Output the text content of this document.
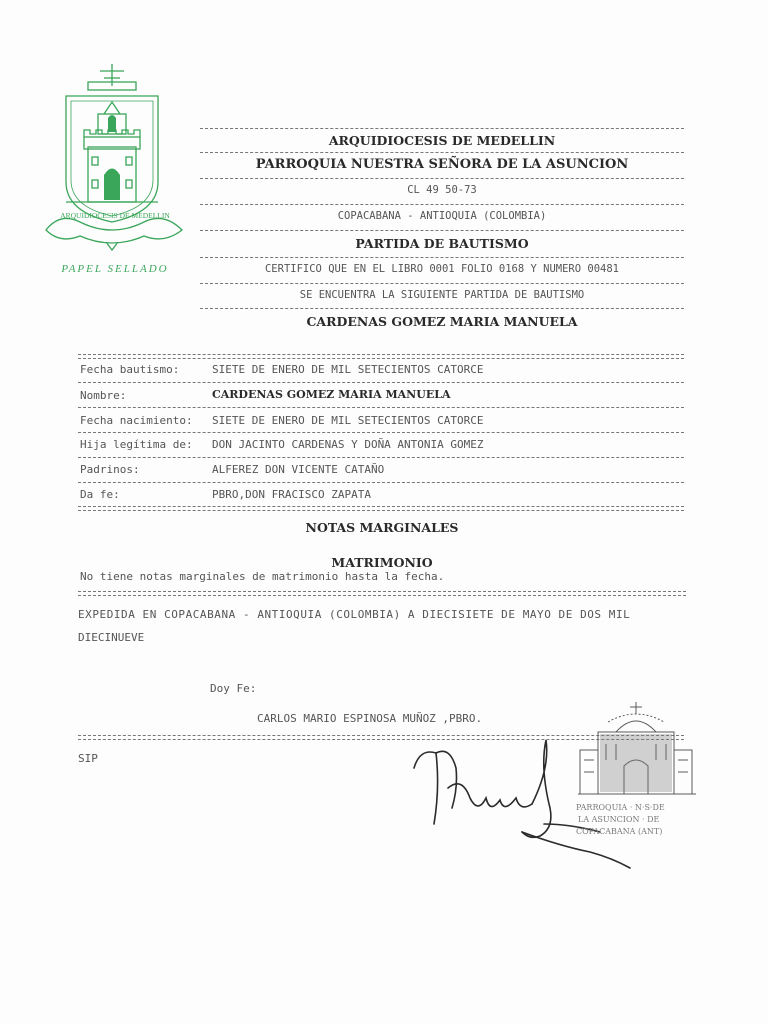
ARQUIDIOCESIS DE MEDELLIN
PAPEL SELLADO
ARQUIDIOCESIS DE MEDELLIN
PARROQUIA NUESTRA SEÑORA DE LA ASUNCION
CL 49 50-73
COPACABANA - ANTIOQUIA (COLOMBIA)
PARTIDA DE BAUTISMO
CERTIFICO QUE EN EL LIBRO 0001 FOLIO 0168 Y NUMERO 00481
SE ENCUENTRA LA SIGUIENTE PARTIDA DE BAUTISMO
CARDENAS GOMEZ MARIA MANUELA
Fecha bautismo:	SIETE DE ENERO DE MIL SETECIENTOS CATORCE
Nombre:	CARDENAS GOMEZ MARIA MANUELA
Fecha nacimiento: SIETE DE ENERO DE MIL SETECIENTOS CATORCE
Hija legítima de: DON JACINTO CARDENAS Y DOÑA ANTONIA GOMEZ
Padrinos:	ALFEREZ DON VICENTE CATAÑO
Da fe:	PBRO,DON FRACISCO ZAPATA
NOTAS MARGINALES
MATRIMONIO
No tiene notas marginales de matrimonio hasta la fecha.
EXPEDIDA EN COPACABANA - ANTIOQUIA (COLOMBIA) A DIECISIETE DE MAYO DE DOS MIL
DIECINUEVE
Doy Fe:
CARLOS MARIO ESPINOSA MUÑOZ ,PBRO.
SIP
PARROQUIA · N·S·DE
LA ASUNCION · DE
COPACABANA (ANT)
